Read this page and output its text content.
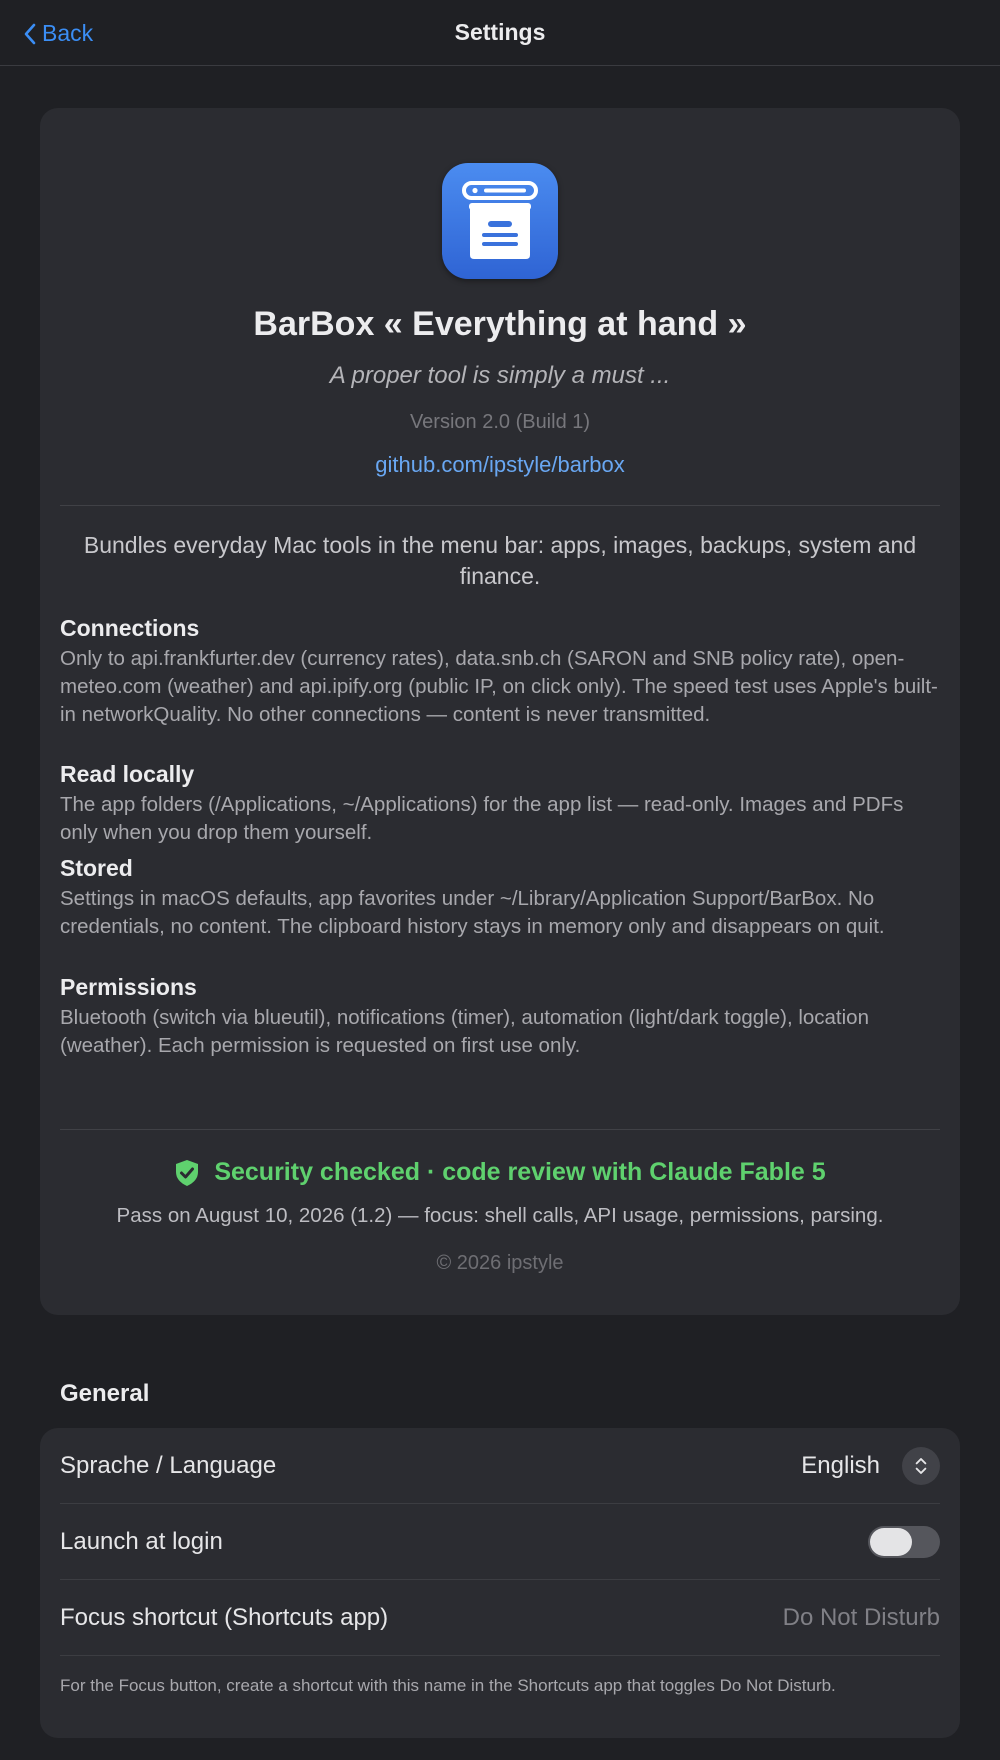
Back	Settings
BarBox « Everything at hand »
A proper tool is simply a must ...
Version 2.0 (Build 1)
github.com/ipstyle/barbox
Bundles everyday Mac tools in the menu bar: apps, images, backups, system and finance.
Connections
Only to api.frankfurter.dev (currency rates), data.snb.ch (SARON and SNB policy rate), open-meteo.com (weather) and api.ipify.org (public IP, on click only). The speed test uses Apple's built-in networkQuality. No other connections — content is never transmitted.
Read locally
The app folders (/Applications, ~/Applications) for the app list — read-only. Images and PDFs only when you drop them yourself.
Stored
Settings in macOS defaults, app favorites under ~/Library/Application Support/BarBox. No credentials, no content. The clipboard history stays in memory only and disappears on quit.
Permissions
Bluetooth (switch via blueutil), notifications (timer), automation (light/dark toggle), location (weather). Each permission is requested on first use only.
Security checked · code review with Claude Fable 5
Pass on August 10, 2026 (1.2) — focus: shell calls, API usage, permissions, parsing.
© 2026 ipstyle
General
Sprache / Language	English
Launch at login
Focus shortcut (Shortcuts app)	Do Not Disturb
For the Focus button, create a shortcut with this name in the Shortcuts app that toggles Do Not Disturb.
